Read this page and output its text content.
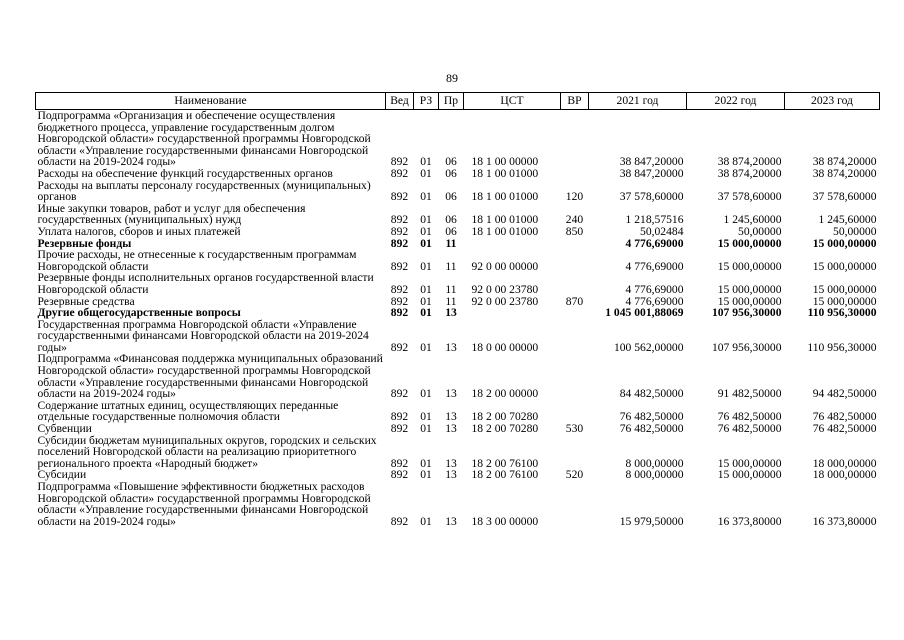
89
Наименование	Вед	РЗ	Пр	ЦСТ	ВР	2021 год	2022 год	2023 год
Подпрограмма «Организация и обеспечение осуществления бюджетного процесса, управление государственным долгом Новгородской области» государственной программы Новгородской области «Управление государственными финансами Новгородской области на 2019-2024 годы»	892	01	06	18 1 00 00000		38 847,20000	38 874,20000	38 874,20000
Расходы на обеспечение функций государственных органов	892	01	06	18 1 00 01000		38 847,20000	38 874,20000	38 874,20000
Расходы на выплаты персоналу государственных (муниципальных) органов	892	01	06	18 1 00 01000	120	37 578,60000	37 578,60000	37 578,60000
Иные закупки товаров, работ и услуг для обеспечения государственных (муниципальных) нужд	892	01	06	18 1 00 01000	240	1 218,57516	1 245,60000	1 245,60000
Уплата налогов, сборов и иных платежей	892	01	06	18 1 00 01000	850	50,02484	50,00000	50,00000
Резервные фонды	892	01	11			4 776,69000	15 000,00000	15 000,00000
Прочие расходы, не отнесенные к государственным программам Новгородской области	892	01	11	92 0 00 00000		4 776,69000	15 000,00000	15 000,00000
Резервные фонды исполнительных органов государственной власти Новгородской области	892	01	11	92 0 00 23780		4 776,69000	15 000,00000	15 000,00000
Резервные средства	892	01	11	92 0 00 23780	870	4 776,69000	15 000,00000	15 000,00000
Другие общегосударственные вопросы	892	01	13			1 045 001,88069	107 956,30000	110 956,30000
Государственная программа Новгородской области «Управление государственными финансами Новгородской области на 2019-2024 годы»	892	01	13	18 0 00 00000		100 562,00000	107 956,30000	110 956,30000
Подпрограмма «Финансовая поддержка муниципальных образований Новгородской области» государственной программы Новгородской области «Управление государственными финансами Новгородской области на 2019-2024 годы»	892	01	13	18 2 00 00000		84 482,50000	91 482,50000	94 482,50000
Содержание штатных единиц, осуществляющих переданные отдельные государственные полномочия области	892	01	13	18 2 00 70280		76 482,50000	76 482,50000	76 482,50000
Субвенции	892	01	13	18 2 00 70280	530	76 482,50000	76 482,50000	76 482,50000
Субсидии бюджетам муниципальных округов, городских и сельских поселений Новгородской области на реализацию приоритетного регионального проекта «Народный бюджет»	892	01	13	18 2 00 76100		8 000,00000	15 000,00000	18 000,00000
Субсидии	892	01	13	18 2 00 76100	520	8 000,00000	15 000,00000	18 000,00000
Подпрограмма «Повышение эффективности бюджетных расходов Новгородской области» государственной программы Новгородской области «Управление государственными финансами Новгородской области на 2019-2024 годы»	892	01	13	18 3 00 00000		15 979,50000	16 373,80000	16 373,80000
